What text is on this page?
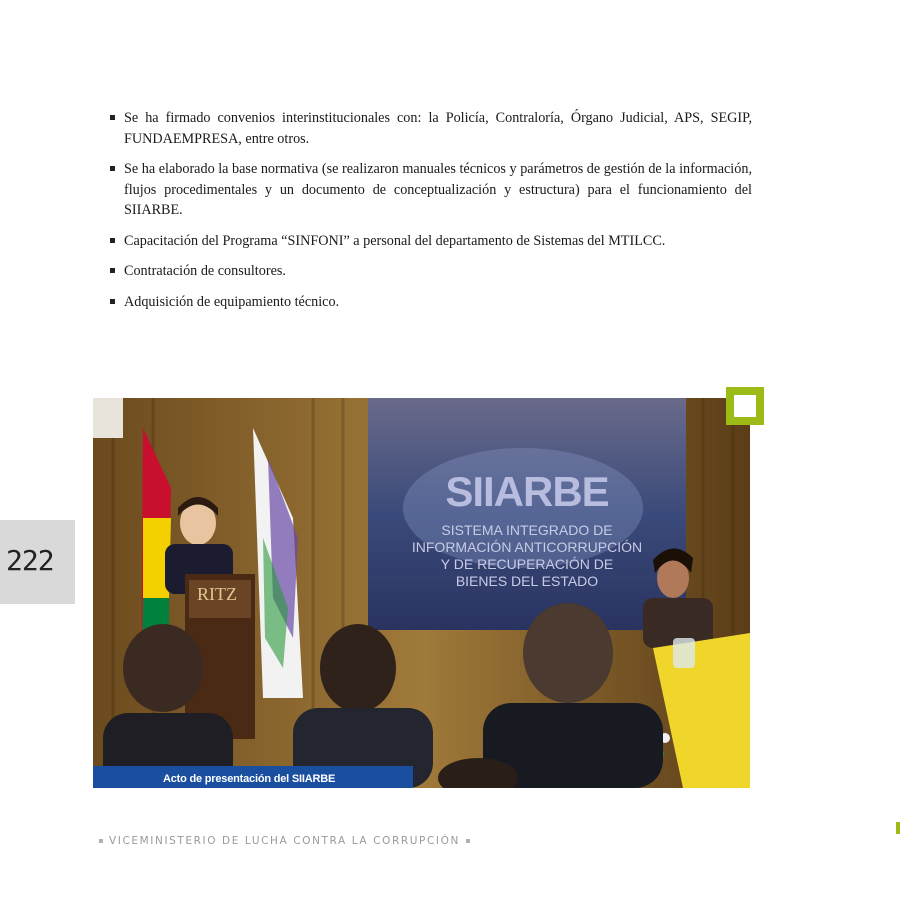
Se ha firmado convenios interinstitucionales con: la Policía, Contraloría, Órgano Judicial, APS, SEGIP, FUNDAEMPRESA, entre otros.
Se ha elaborado la base normativa (se realizaron manuales técnicos y parámetros de gestión de la información, flujos procedimentales y un documento de conceptualización y estructura) para el funcionamiento del SIIARBE.
Capacitación del Programa “SINFONI” a personal del departamento de Sistemas del MTILCC.
Contratación de consultores.
Adquisición de equipamiento técnico.
SIIARBE
SISTEMA INTEGRADO DE
INFORMACIÓN ANTICORRUPCIÓN
Y DE RECUPERACIÓN DE
BIENES DEL ESTADO
RITZ
Acto de presentación del SIIARBE
222
VICEMINISTERIO DE LUCHA CONTRA LA CORRUPCIÓN
